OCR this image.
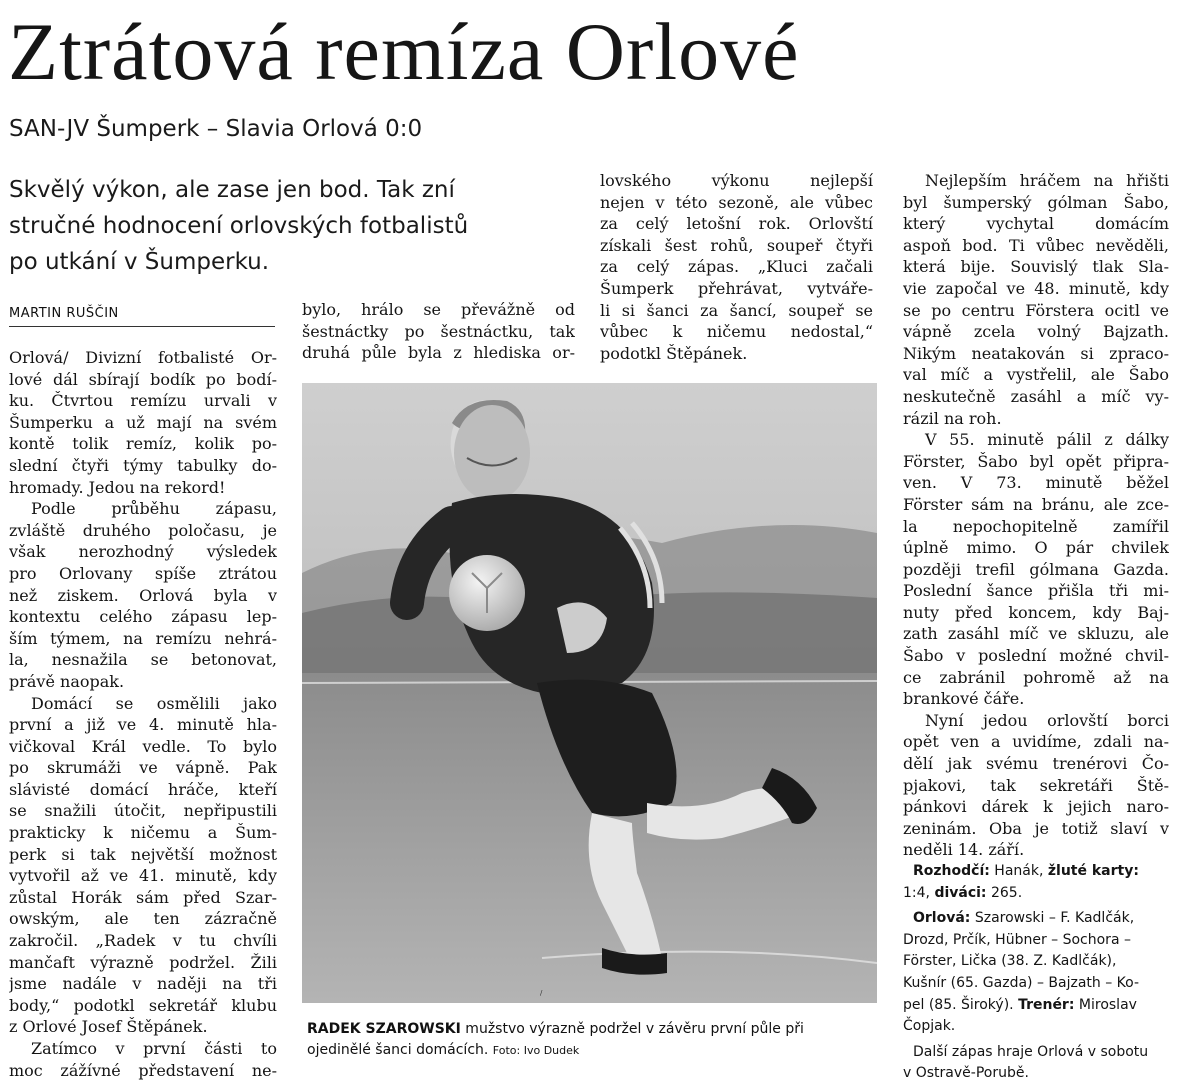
Ztrátová remíza Orlové
SAN-JV Šumperk – Slavia Orlová 0:0
Skvělý výkon, ale zase jen bod. Tak zní
stručné hodnocení orlovských fotbalistů
po utkání v Šumperku.
MARTIN RUŠČIN
Orlová/ Divizní fotbalisté Or-
lové dál sbírají bodík po bodí-
ku. Čtvrtou remízu urvali v
Šumperku a už mají na svém
kontě tolik remíz, kolik po-
slední čtyři týmy tabulky do-
hromady. Jedou na rekord!
Podle průběhu zápasu,
zvláště druhého poločasu, je
však nerozhodný výsledek
pro Orlovany spíše ztrátou
než ziskem. Orlová byla v
kontextu celého zápasu lep-
ším týmem, na remízu nehrá-
la, nesnažila se betonovat,
právě naopak.
Domácí se osmělili jako
první a již ve 4. minutě hla-
vičkoval Král vedle. To bylo
po skrumáži ve vápně. Pak
slávisté domácí hráče, kteří
se snažili útočit, nepřipustili
prakticky k ničemu a Šum-
perk si tak největší možnost
vytvořil až ve 41. minutě, kdy
zůstal Horák sám před Szar-
owským, ale ten zázračně
zakročil. „Radek v tu chvíli
mančaft výrazně podržel. Žili
jsme nadále v naději na tři
body,“ podotkl sekretář klubu
z Orlové Josef Štěpánek.
Zatímco v první části to
moc zážívné představení ne-
bylo, hrálo se převážně od
šestnáctky po šestnáctku, tak
druhá půle byla z hlediska or-
lovského výkonu nejlepší
nejen v této sezoně, ale vůbec
za celý letošní rok. Orlovští
získali šest rohů, soupeř čtyři
za celý zápas. „Kluci začali
Šumperk přehrávat, vytváře-
li si šanci za šancí, soupeř se
vůbec k ničemu nedostal,“
podotkl Štěpánek.
Nejlepším hráčem na hřišti
byl šumperský gólman Šabo,
který vychytal domácím
aspoň bod. Ti vůbec nevěděli,
která bije. Souvislý tlak Sla-
vie započal ve 48. minutě, kdy
se po centru Förstera ocitl ve
vápně zcela volný Bajzath.
Nikým neatakován si zpraco-
val míč a vystřelil, ale Šabo
neskutečně zasáhl a míč vy-
rázil na roh.
V 55. minutě pálil z dálky
Förster, Šabo byl opět připra-
ven. V 73. minutě běžel
Förster sám na bránu, ale zce-
la nepochopitelně zamířil
úplně mimo. O pár chvilek
později trefil gólmana Gazda.
Poslední šance přišla tři mi-
nuty před koncem, kdy Baj-
zath zasáhl míč ve skluzu, ale
Šabo v poslední možné chvil-
ce zabránil pohromě až na
brankové čáře.
Nyní jedou orlovští borci
opět ven a uvidíme, zdali na-
dělí jak svému trenérovi Čo-
pjakovi, tak sekretáři Ště-
pánkovi dárek k jejich naro-
zeninám. Oba je totiž slaví v
neděli 14. září.
Rozhodčí: Hanák, žluté karty:
1:4, diváci: 265.
Orlová: Szarowski – F. Kadlčák,
Drozd, Prčík, Hübner – Sochora –
Förster, Lička (38. Z. Kadlčák),
Kušnír (65. Gazda) – Bajzath – Ko-
pel (85. Široký). Trenér: Miroslav
Čopjak.
Další zápas hraje Orlová v sobotu
v Ostravě-Porubě.
/
RADEK SZAROWSKI mužstvo výrazně podržel v závěru první půle při
ojedinělé šanci domácích. Foto: Ivo Dudek
